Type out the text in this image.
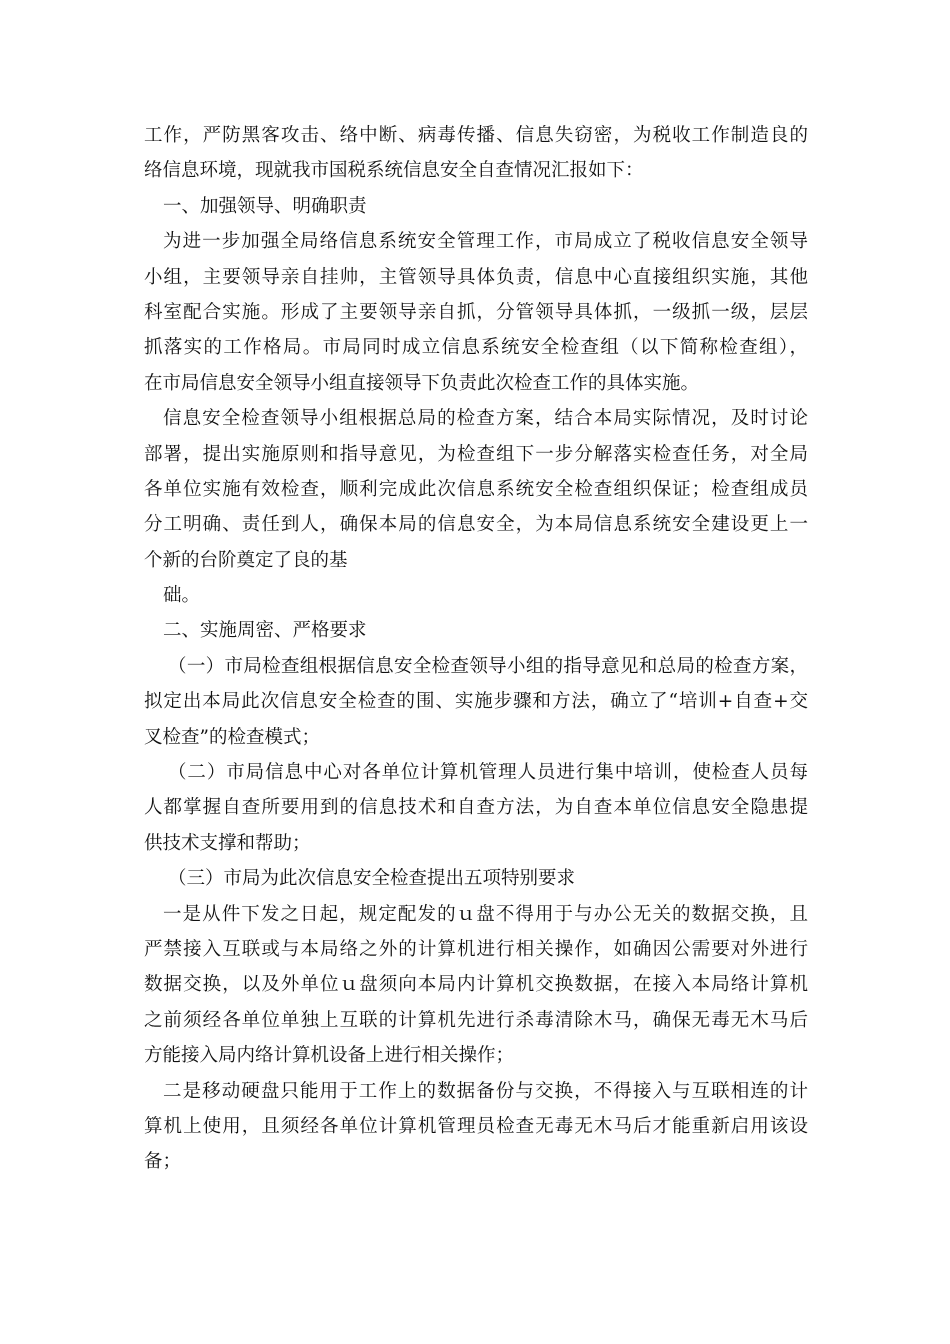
工作，严防黑客攻击、络中断、病毒传播、信息失窃密，为税收工作制造良的
络信息环境，现就我市国税系统信息安全自查情况汇报如下：
一、加强领导、明确职责
为进一步加强全局络信息系统安全管理工作，市局成立了税收信息安全领导
小组，主要领导亲自挂帅，主管领导具体负责，信息中心直接组织实施，其他
科室配合实施。形成了主要领导亲自抓，分管领导具体抓，一级抓一级，层层
抓落实的工作格局。市局同时成立信息系统安全检查组（以下简称检查组），
在市局信息安全领导小组直接领导下负责此次检查工作的具体实施。
信息安全检查领导小组根据总局的检查方案，结合本局实际情况，及时讨论
部署，提出实施原则和指导意见，为检查组下一步分解落实检查任务，对全局
各单位实施有效检查，顺利完成此次信息系统安全检查组织保证；检查组成员
分工明确、责任到人，确保本局的信息安全，为本局信息系统安全建设更上一
个新的台阶奠定了良的基
础。
二、实施周密、严格要求
（一）市局检查组根据信息安全检查领导小组的指导意见和总局的检查方案，
拟定出本局此次信息安全检查的围、实施步骤和方法，确立了“培训+自查+交
叉检查”的检查模式；
（二）市局信息中心对各单位计算机管理人员进行集中培训，使检查人员每
人都掌握自查所要用到的信息技术和自查方法，为自查本单位信息安全隐患提
供技术支撑和帮助；
（三）市局为此次信息安全检查提出五项特别要求
一是从件下发之日起，规定配发的ｕ盘不得用于与办公无关的数据交换，且
严禁接入互联或与本局络之外的计算机进行相关操作，如确因公需要对外进行
数据交换，以及外单位ｕ盘须向本局内计算机交换数据，在接入本局络计算机
之前须经各单位单独上互联的计算机先进行杀毒清除木马，确保无毒无木马后
方能接入局内络计算机设备上进行相关操作；
二是移动硬盘只能用于工作上的数据备份与交换，不得接入与互联相连的计
算机上使用，且须经各单位计算机管理员检查无毒无木马后才能重新启用该设
备；
